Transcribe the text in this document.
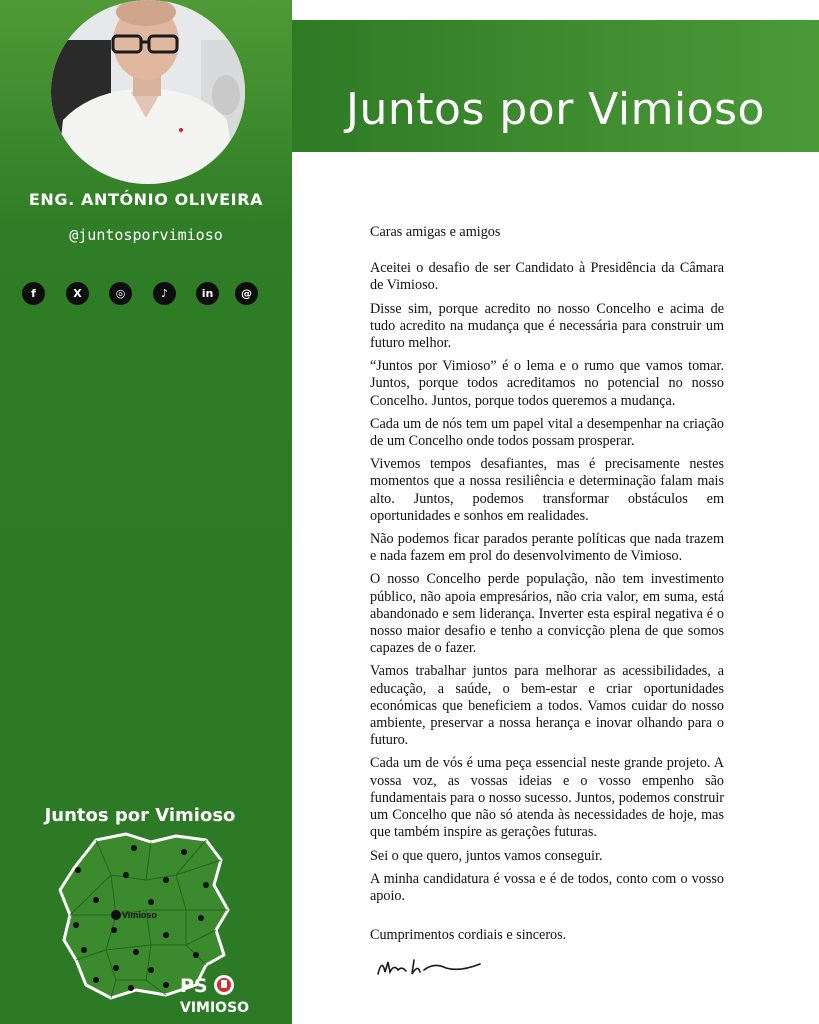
ENG. ANTÓNIO OLIVEIRA
@juntosporvimioso
f	X	◎	♪	in	@
Juntos por Vimioso
Vimioso
PS
VIMIOSO
Juntos por Vimioso

Caras amigas e amigos

Aceitei o desafio de ser Candidato à Presidência da Câmara de Vimioso.

Disse sim, porque acredito no nosso Concelho e acima de tudo acredito na mudança que é necessária para construir um futuro melhor.

“Juntos por Vimioso” é o lema e o rumo que vamos tomar. Juntos, porque todos acreditamos no potencial no nosso Concelho. Juntos, porque todos queremos a mudança.

Cada um de nós tem um papel vital a desempenhar na criação de um Concelho onde todos possam prosperar.

Vivemos tempos desafiantes, mas é precisamente nestes momentos que a nossa resiliência e determinação falam mais alto. Juntos, podemos transformar obstáculos em oportunidades e sonhos em realidades.

Não podemos ficar parados perante políticas que nada trazem e nada fazem em prol do desenvolvimento de Vimioso.

O nosso Concelho perde população, não tem investimento público, não apoia empresários, não cria valor, em suma, está abandonado e sem liderança. Inverter esta espiral negativa é o nosso maior desafio e tenho a convicção plena de que somos capazes de o fazer.

Vamos trabalhar juntos para melhorar as acessibilidades, a educação, a saúde, o bem-estar e criar oportunidades económicas que beneficiem a todos. Vamos cuidar do nosso ambiente, preservar a nossa herança e inovar olhando para o futuro.

Cada um de vós é uma peça essencial neste grande projeto. A vossa voz, as vossas ideias e o vosso empenho são fundamentais para o nosso sucesso. Juntos, podemos construir um Concelho que não só atenda às necessidades de hoje, mas que também inspire as gerações futuras.

Sei o que quero, juntos vamos conseguir.

A minha candidatura é vossa e é de todos, conto com o vosso apoio.

Cumprimentos cordiais e sinceros.
